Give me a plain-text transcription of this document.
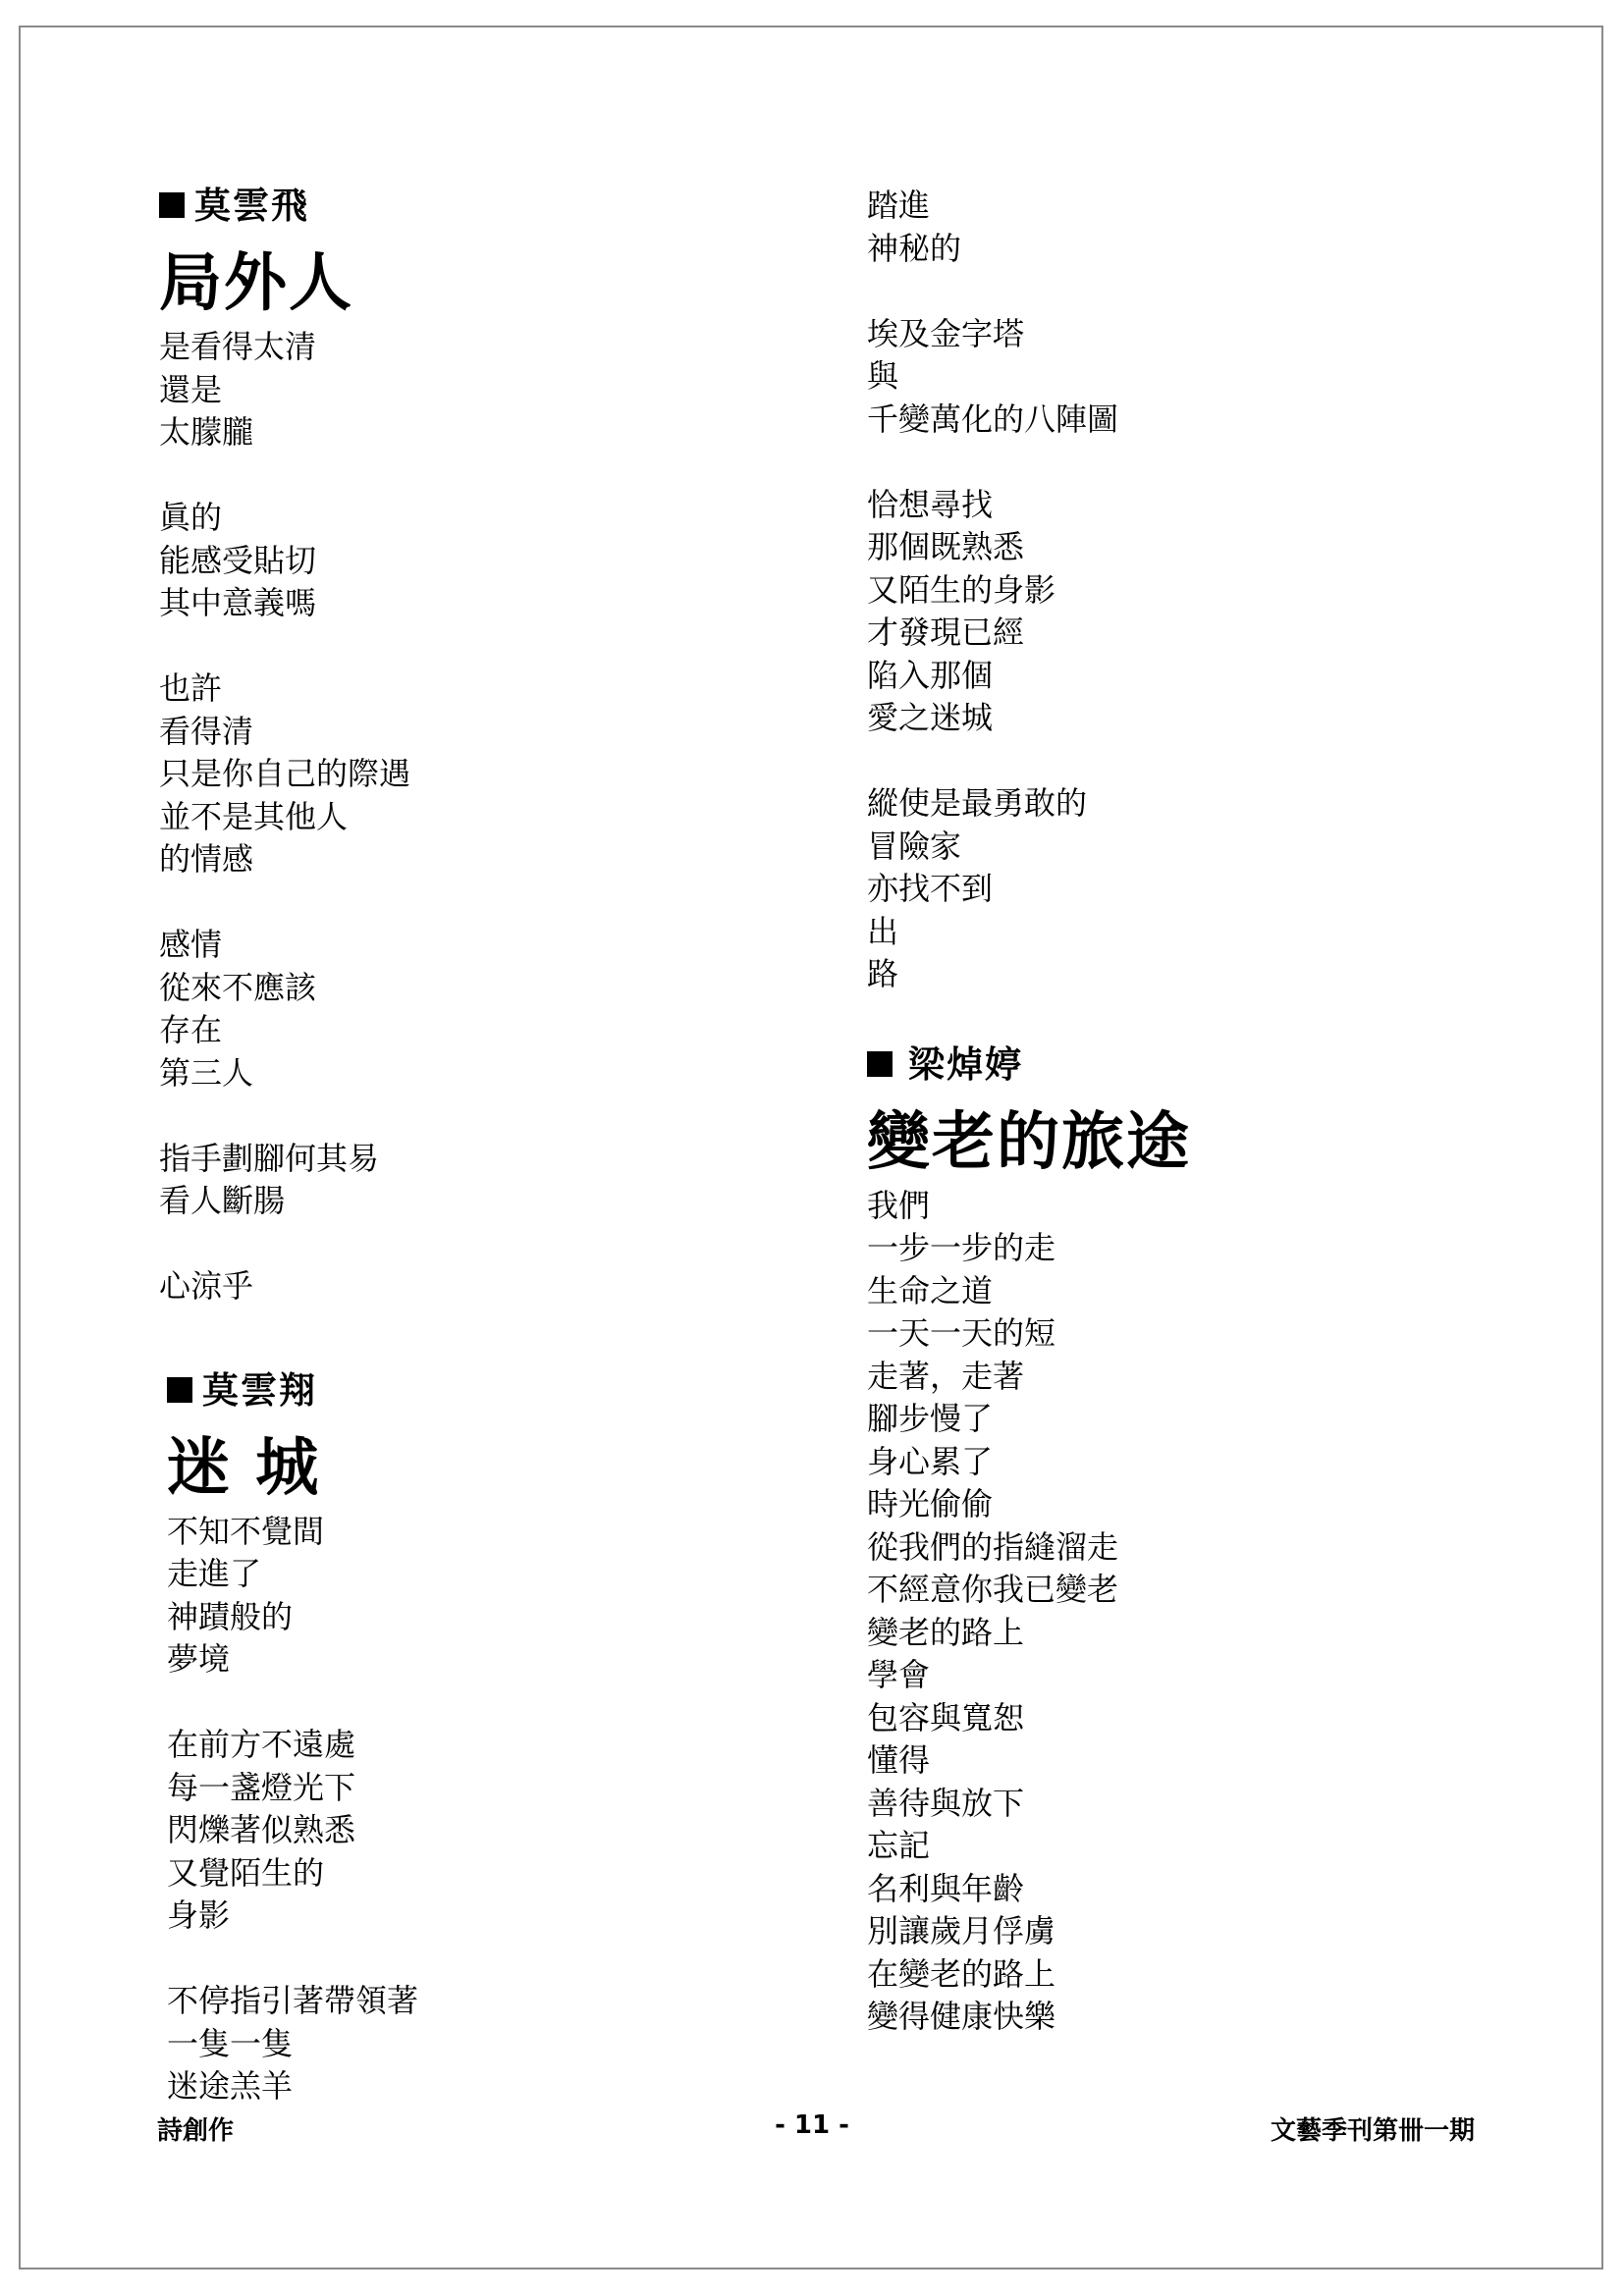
莫雲飛
局外人
是看得太清
還是
太朦朧
眞的
能感受貼切
其中意義嗎
也許
看得清
只是你自己的際遇
並不是其他人
的情感
感情
從來不應該
存在
第三人
指手劃腳何其易
看人斷腸
心涼乎
莫雲翔
迷 城
不知不覺間
走進了
神蹟般的
夢境
在前方不遠處
每一盞燈光下
閃爍著似熟悉
又覺陌生的
身影
不停指引著帶領著
一隻一隻
迷途羔羊
踏進
神秘的
埃及金字塔
與
千變萬化的八陣圖
恰想尋找
那個既熟悉
又陌生的身影
才發現已經
陷入那個
愛之迷城
縱使是最勇敢的
冒險家
亦找不到
出
路
梁焯婷
變老的旅途
我們
一步一步的走
生命之道
一天一天的短
走著，走著
腳步慢了
身心累了
時光偷偷
從我們的指縫溜走
不經意你我已變老
變老的路上
學會
包容與寬恕
懂得
善待與放下
忘記
名利與年齡
別讓歲月俘虜
在變老的路上
變得健康快樂
詩創作	- 11 -	文藝季刊第卌一期
